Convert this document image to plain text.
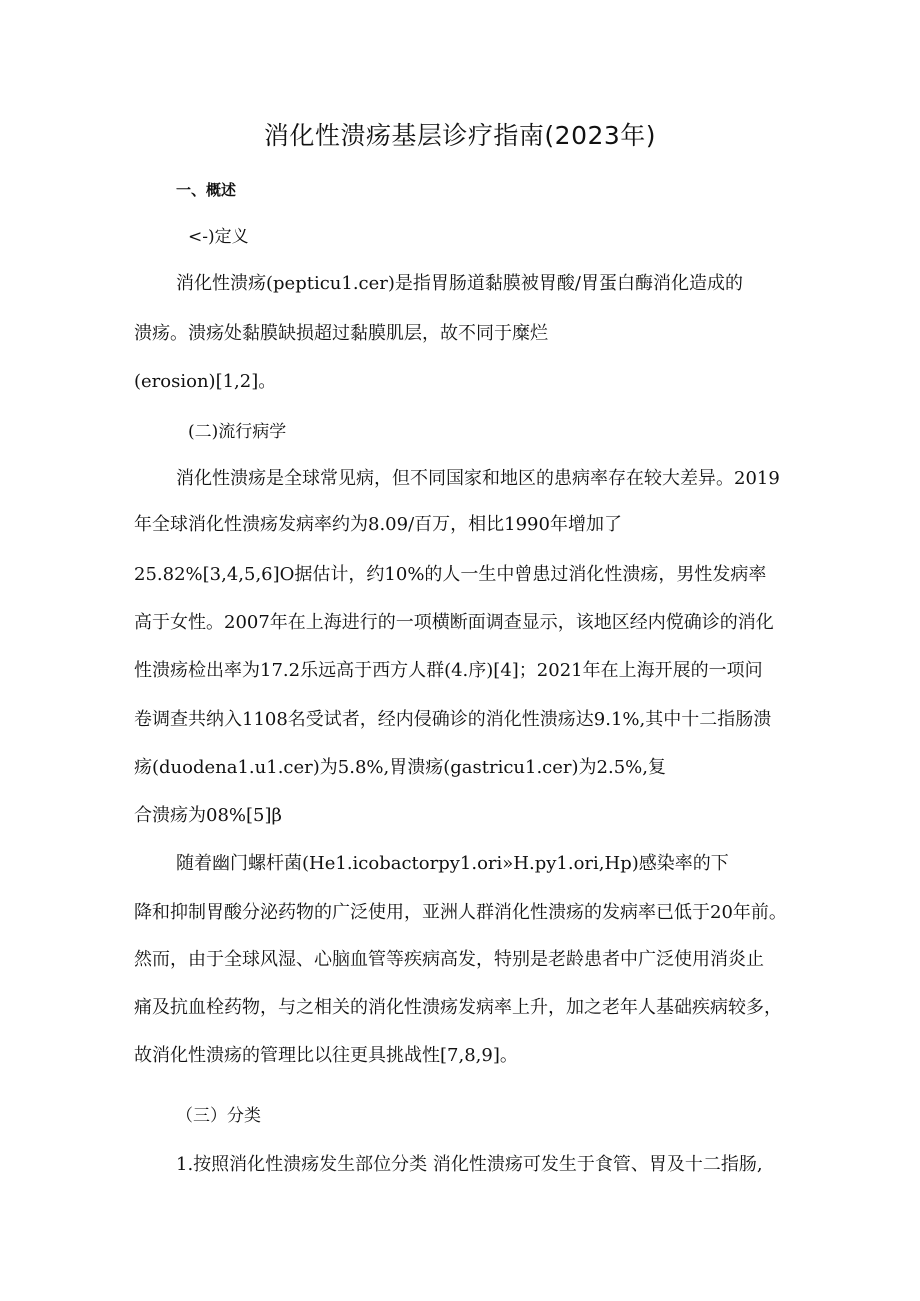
消化性溃疡基层诊疗指南(2023年)
一、概述
<-)定义

消化性溃疡(pepticu1.cer)是指胃肠道黏膜被胃酸/胃蛋白酶消化造成的

溃疡。溃疡处黏膜缺损超过黏膜肌层，故不同于糜烂

(erosion)[1,2]。

(二)流行病学

消化性溃疡是全球常见病，但不同国家和地区的患病率存在较大差异。2019

年全球消化性溃疡发病率约为8.09/百万，相比1990年增加了

25.82%[3,4,5,6]О据估计，约10%的人一生中曾患过消化性溃疡，男性发病率

高于女性。2007年在上海进行的一项横断面调查显示，该地区经内傥确诊的消化

性溃疡检出率为17.2乐远高于西方人群(4.序)[4]；2021年在上海开展的一项问

卷调查共纳入1108名受试者，经内侵确诊的消化性溃疡达9.1%,其中十二指肠溃

疡(duodena1.u1.cer)为5.8%,胃溃疡(gastricu1.cer)为2.5%,复

合溃疡为08%[5]β

随着幽门螺杆菌(He1.icobactorpy1.ori»H.py1.ori,Hp)感染率的下

降和抑制胃酸分泌药物的广泛使用，亚洲人群消化性溃疡的发病率已低于20年前。

然而，由于全球风湿、心脑血管等疾病高发，特别是老龄患者中广泛使用消炎止

痛及抗血栓药物，与之相关的消化性溃疡发病率上升，加之老年人基础疾病较多，

故消化性溃疡的管理比以往更具挑战性[7,8,9]。

（三）分类

1.按照消化性溃疡发生部位分类 消化性溃疡可发生于食管、胃及十二指肠,
